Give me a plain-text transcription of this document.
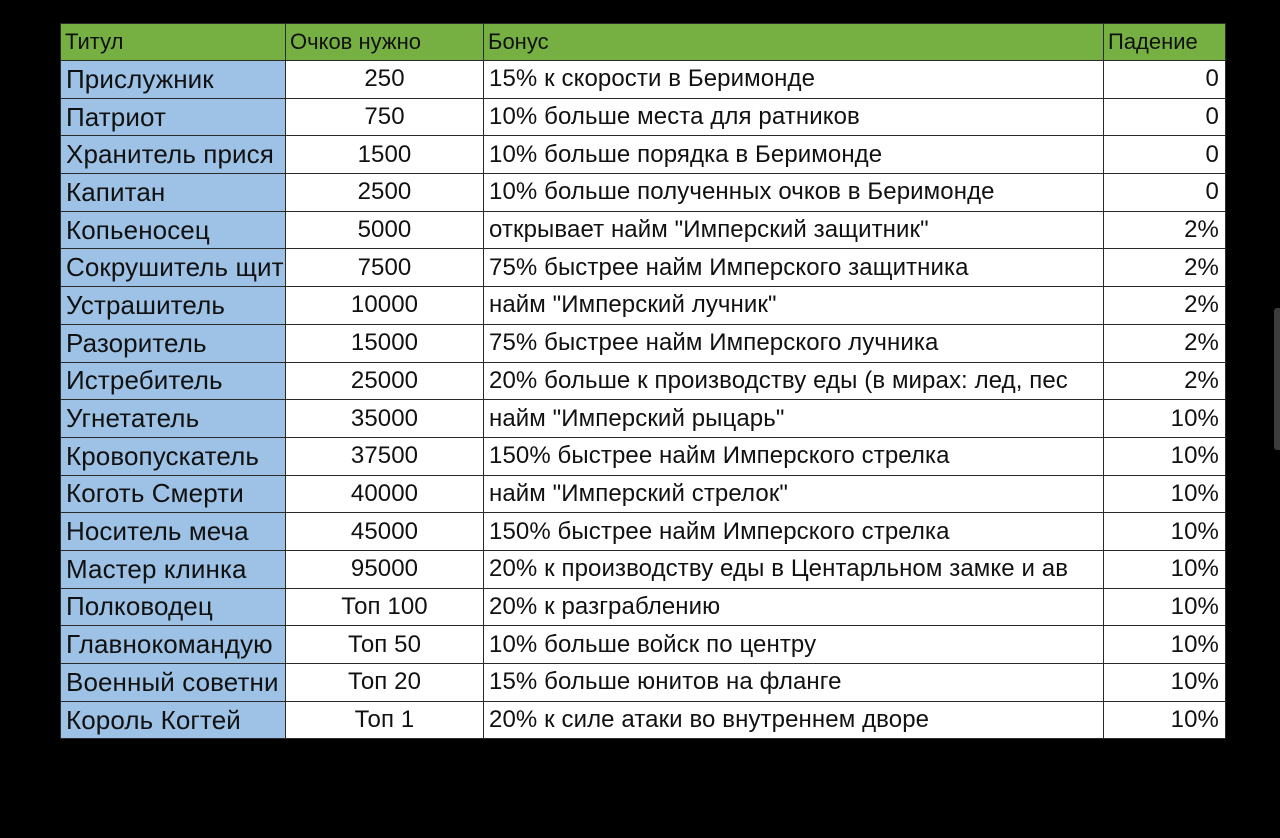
Титул	Очков нужно	Бонус	Падение
Прислужник	250	15% к скорости в Беримонде	0
Патриот	750	10% больше места для ратников	0
Хранитель прися	1500	10% больше порядка в Беримонде	0
Капитан	2500	10% больше полученных очков в Беримонде	0
Копьеносец	5000	открывает найм "Имперский защитник"	2%
Сокрушитель щит	7500	75% быстрее найм Имперского защитника	2%
Устрашитель	10000	найм "Имперский лучник"	2%
Разоритель	15000	75% быстрее найм Имперского лучника	2%
Истребитель	25000	20% больше к производству еды (в мирах: лед, пес	2%
Угнетатель	35000	найм "Имперский рыцарь"	10%
Кровопускатель	37500	150% быстрее найм Имперского стрелка	10%
Коготь Смерти	40000	найм "Имперский стрелок"	10%
Носитель меча	45000	150% быстрее найм Имперского стрелка	10%
Мастер клинка	95000	20% к производству еды в Центарльном замке и ав	10%
Полководец	Топ 100	20% к разграблению	10%
Главнокомандую	Топ 50	10% больше войск по центру	10%
Военный советни	Топ 20	15% больше юнитов на фланге	10%
Король Когтей	Топ 1	20% к силе атаки во внутреннем дворе	10%
